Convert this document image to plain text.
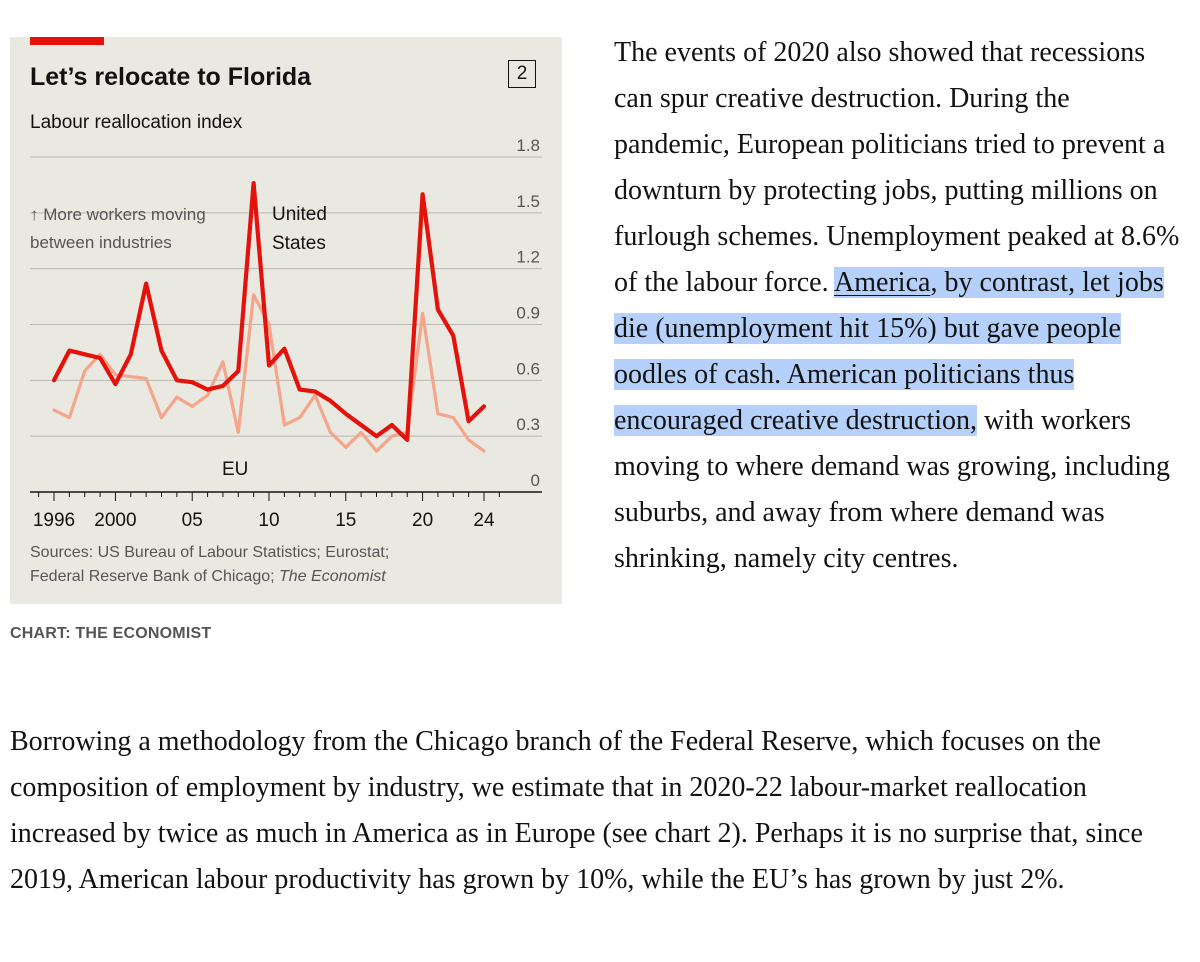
Let’s relocate to Florida
Labour reallocation index
2
1.8
1.5
1.2
0.9
0.6
0.3
0
1996 2000 05	10	15	20 24
↑ More workers moving
between industries
United
States
EU
Sources: US Bureau of Labour Statistics; Eurostat;
Federal Reserve Bank of Chicago; The Economist
CHART: THE ECONOMIST

The events of 2020 also showed that recessions can spur creative destruction. During the pandemic, European politicians tried to prevent a downturn by protecting jobs, putting millions on furlough schemes. Unemployment peaked at 8.6% of the labour force. America, by contrast, let jobs die (unemployment hit 15%) but gave people oodles of cash. American politicians thus encouraged creative destruction, with workers moving to where demand was growing, including suburbs, and away from where demand was shrinking, namely city centres.

Borrowing a methodology from the Chicago branch of the Federal Reserve, which focuses on the composition of employment by industry, we estimate that in 2020-22 labour-market reallocation increased by twice as much in America as in Europe (see chart 2). Perhaps it is no surprise that, since 2019, American labour productivity has grown by 10%, while the EU’s has grown by just 2%.
